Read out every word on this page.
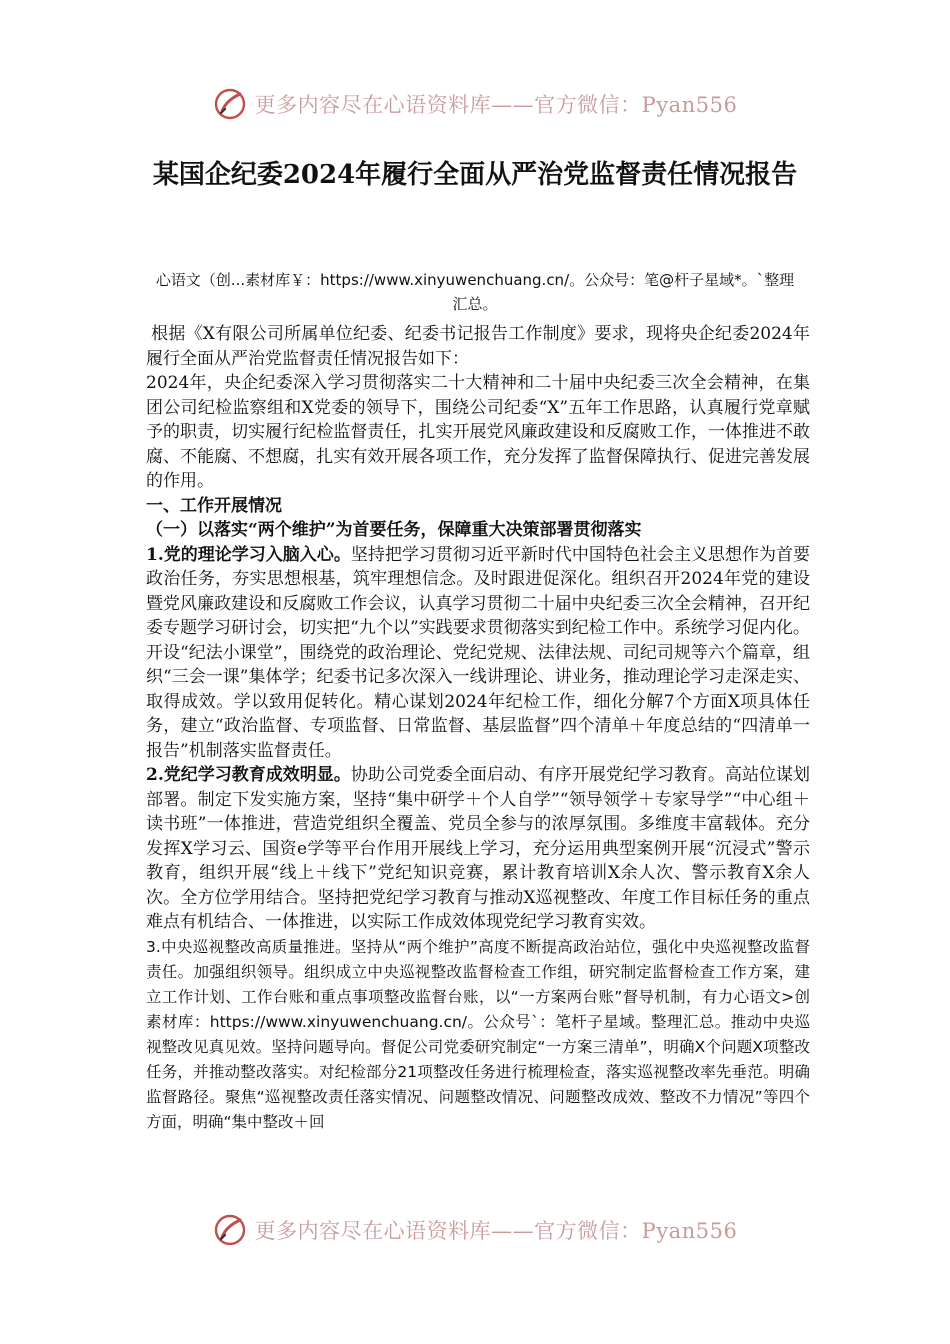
更多内容尽在心语资料库——官方微信：Pyan556
某国企纪委2024年履行全面从严治党监督责任情况报告

心语文（创...素材库￥：https://www.xinyuwenchuang.cn/。公众号：笔@杆子星域*。`整理汇总。

根据《X有限公司所属单位纪委、纪委书记报告工作制度》要求，现将央企纪委2024年履行全面从严治党监督责任情况报告如下：

2024年，央企纪委深入学习贯彻落实二十大精神和二十届中央纪委三次全会精神，在集团公司纪检监察组和X党委的领导下，围绕公司纪委“X”五年工作思路，认真履行党章赋予的职责，切实履行纪检监督责任，扎实开展党风廉政建设和反腐败工作，一体推进不敢腐、不能腐、不想腐，扎实有效开展各项工作，充分发挥了监督保障执行、促进完善发展的作用。

一、工作开展情况

（一）以落实“两个维护”为首要任务，保障重大决策部署贯彻落实

1.党的理论学习入脑入心。坚持把学习贯彻习近平新时代中国特色社会主义思想作为首要政治任务，夯实思想根基，筑牢理想信念。及时跟进促深化。组织召开2024年党的建设暨党风廉政建设和反腐败工作会议，认真学习贯彻二十届中央纪委三次全会精神，召开纪委专题学习研讨会，切实把“九个以”实践要求贯彻落实到纪检工作中。系统学习促内化。开设“纪法小课堂”，围绕党的政治理论、党纪党规、法律法规、司纪司规等六个篇章，组织“三会一课”集体学；纪委书记多次深入一线讲理论、讲业务，推动理论学习走深走实、取得成效。学以致用促转化。精心谋划2024年纪检工作，细化分解7个方面X项具体任务，建立“政治监督、专项监督、日常监督、基层监督”四个清单＋年度总结的“四清单一报告”机制落实监督责任。

2.党纪学习教育成效明显。协助公司党委全面启动、有序开展党纪学习教育。高站位谋划部署。制定下发实施方案，坚持“集中研学＋个人自学”“领导领学＋专家导学”“中心组＋读书班”一体推进，营造党组织全覆盖、党员全参与的浓厚氛围。多维度丰富载体。充分发挥X学习云、国资e学等平台作用开展线上学习，充分运用典型案例开展“沉浸式”警示教育，组织开展“线上＋线下”党纪知识竞赛，累计教育培训X余人次、警示教育X余人次。全方位学用结合。坚持把党纪学习教育与推动X巡视整改、年度工作目标任务的重点难点有机结合、一体推进，以实际工作成效体现党纪学习教育实效。

3.中央巡视整改高质量推进。坚持从“两个维护”高度不断提高政治站位，强化中央巡视整改监督责任。加强组织领导。组织成立中央巡视整改监督检查工作组，研究制定监督检查工作方案，建立工作计划、工作台账和重点事项整改监督台账，以“一方案两台账”督导机制，有力心语文>创素材库：https://www.xinyuwenchuang.cn/。公众号`：笔杆子星域。整理汇总。推动中央巡视整改见真见效。坚持问题导向。督促公司党委研究制定“一方案三清单”，明确X个问题X项整改任务，并推动整改落实。对纪检部分21项整改任务进行梳理检查，落实巡视整改率先垂范。明确监督路径。聚焦“巡视整改责任落实情况、问题整改情况、问题整改成效、整改不力情况”等四个方面，明确“集中整改＋回

更多内容尽在心语资料库——官方微信：Pyan556
